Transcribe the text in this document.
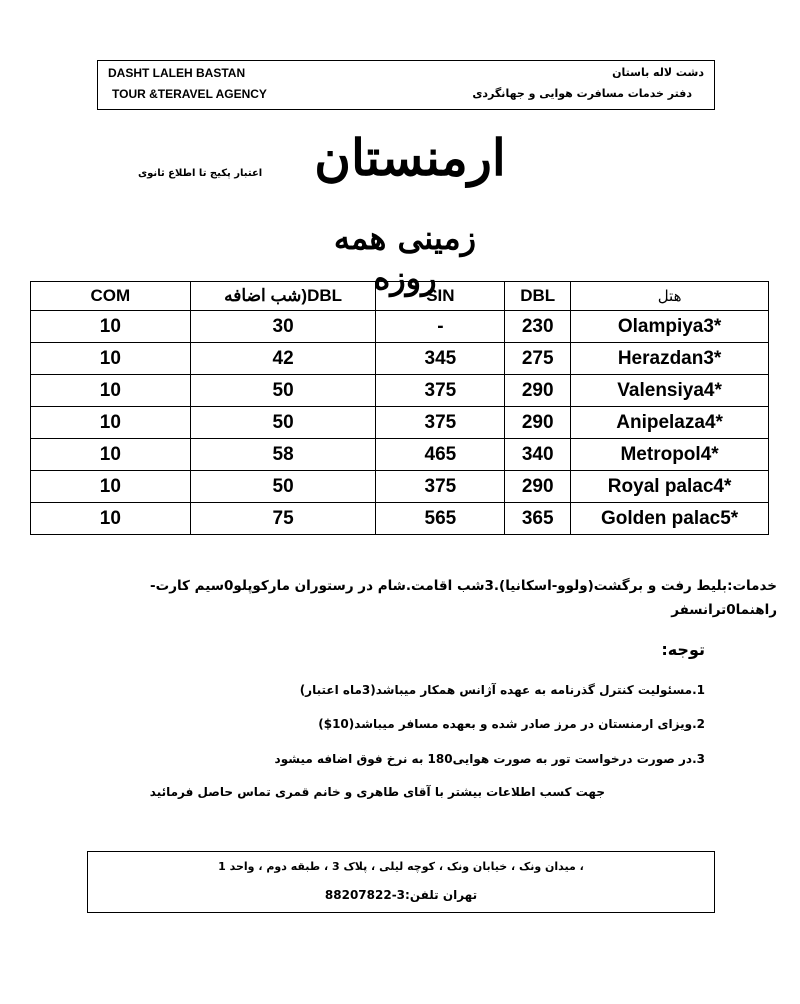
DASHT LALEH BASTAN
TOUR &TERAVEL AGENCY
دشت لاله باستان
دفتر خدمات مسافرت هوایی و جهانگردی
ارمنستان
اعتبار پکیج تا اطلاع ثانوی
زمینی همه روزه
COM	DBL(شب اضافه	SIN	DBL	هتل
10	30	-	230	Olampiya3*
10	42	345	275	Herazdan3*
10	50	375	290	Valensiya4*
10	50	375	290	Anipelaza4*
10	58	465	340	Metropol4*
10	50	375	290	Royal palac4*
10	75	565	365	Golden palac5*
خدمات:بلیط رفت و برگشت(ولوو-اسکانیا).3شب اقامت.شام در رستوران مارکوپلو0سیم کارت-
راهنما0ترانسفر
توجه:
1.مسئولیت کنترل گذرنامه به عهده آژانس همکار میباشد(3ماه اعتبار)
2.ویزای ارمنستان در مرز صادر شده و بعهده مسافر میباشد(10$)
3.در صورت درخواست تور به صورت هوایی180 به نرخ فوق اضافه میشود
جهت کسب اطلاعات بیشتر با آقای طاهری و خانم قمری تماس حاصل فرمائید
، میدان ونک ، خیابان ونک ، کوچه لیلی ، پلاک 3 ، طبقه دوم ، واحد 1
تهران تلفن:3-88207822
